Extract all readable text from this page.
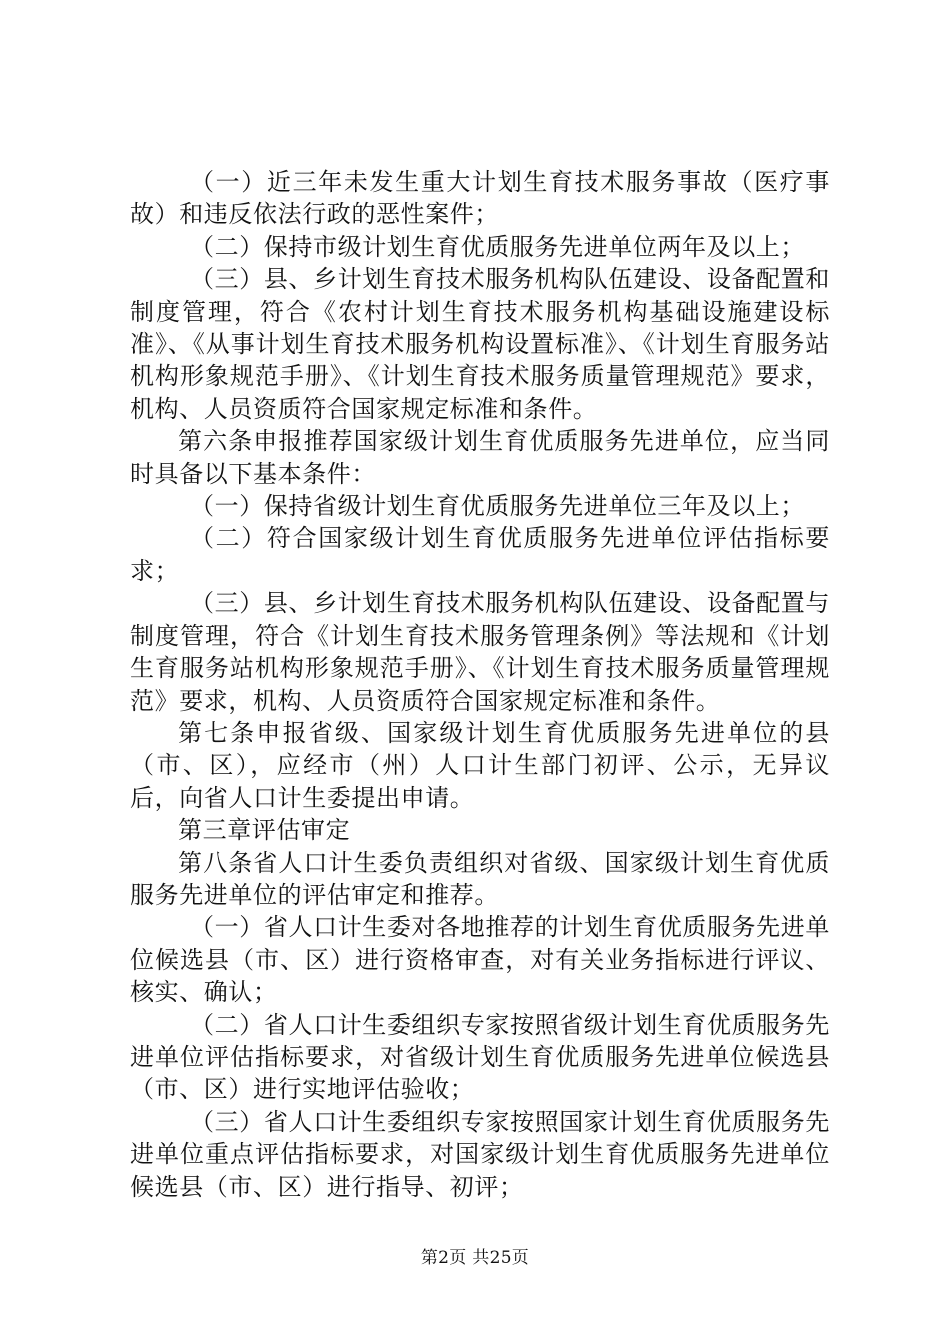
（一）近三年未发生重大计划生育技术服务事故（医疗事故）和违反依法行政的恶性案件；

（二）保持市级计划生育优质服务先进单位两年及以上；

（三）县、乡计划生育技术服务机构队伍建设、设备配置和制度管理，符合《农村计划生育技术服务机构基础设施建设标准》、《从事计划生育技术服务机构设置标准》、《计划生育服务站机构形象规范手册》、《计划生育技术服务质量管理规范》要求，机构、人员资质符合国家规定标准和条件。

第六条申报推荐国家级计划生育优质服务先进单位，应当同时具备以下基本条件：

（一）保持省级计划生育优质服务先进单位三年及以上；

（二）符合国家级计划生育优质服务先进单位评估指标要求；

（三）县、乡计划生育技术服务机构队伍建设、设备配置与制度管理，符合《计划生育技术服务管理条例》等法规和《计划生育服务站机构形象规范手册》、《计划生育技术服务质量管理规范》要求，机构、人员资质符合国家规定标准和条件。

第七条申报省级、国家级计划生育优质服务先进单位的县（市、区），应经市（州）人口计生部门初评、公示，无异议后，向省人口计生委提出申请。

第三章评估审定

第八条省人口计生委负责组织对省级、国家级计划生育优质服务先进单位的评估审定和推荐。

（一）省人口计生委对各地推荐的计划生育优质服务先进单位候选县（市、区）进行资格审查，对有关业务指标进行评议、核实、确认；

（二）省人口计生委组织专家按照省级计划生育优质服务先进单位评估指标要求，对省级计划生育优质服务先进单位候选县（市、区）进行实地评估验收；

（三）省人口计生委组织专家按照国家计划生育优质服务先进单位重点评估指标要求，对国家级计划生育优质服务先进单位候选县（市、区）进行指导、初评；

第2页 共25页
